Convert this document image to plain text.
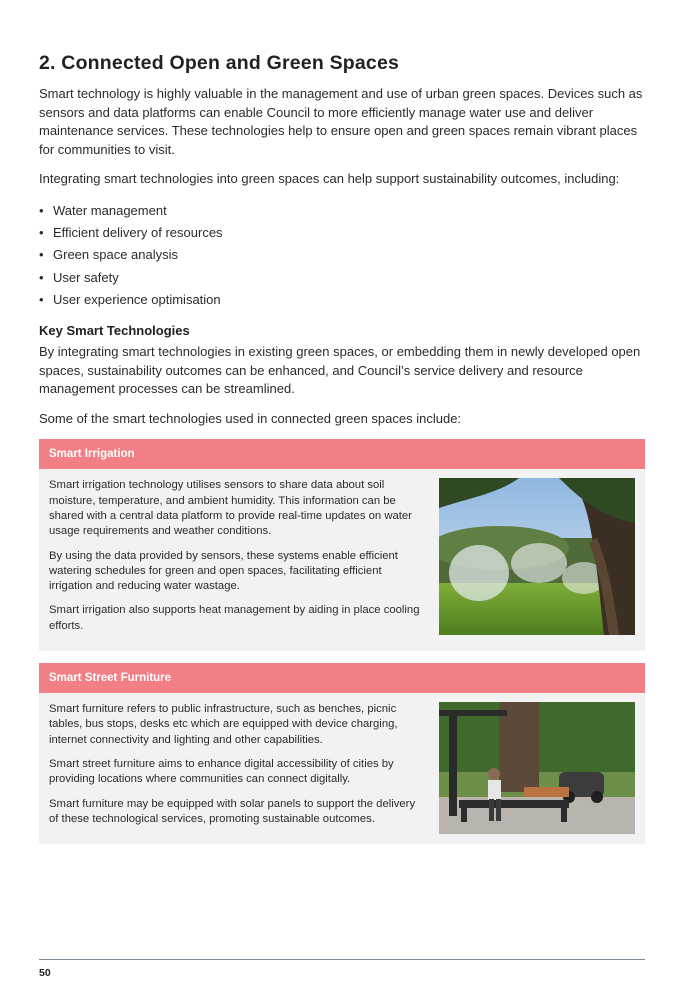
2. Connected Open and Green Spaces

Smart technology is highly valuable in the management and use of urban green spaces. Devices such as sensors and data platforms can enable Council to more efficiently manage water use and deliver maintenance services. These technologies help to ensure open and green spaces remain vibrant places for communities to visit.

Integrating smart technologies into green spaces can help support sustainability outcomes, including:

• Water management
• Efficient delivery of resources
• Green space analysis
• User safety
• User experience optimisation
Key Smart Technologies

By integrating smart technologies in existing green spaces, or embedding them in newly developed open spaces, sustainability outcomes can be enhanced, and Council’s service delivery and resource management processes can be streamlined.

Some of the smart technologies used in connected green spaces include:

Smart Irrigation

Smart irrigation technology utilises sensors to share data about soil moisture, temperature, and ambient humidity. This information can be shared with a central data platform to provide real-time updates on water usage requirements and weather conditions.

By using the data provided by sensors, these systems enable efficient watering schedules for green and open spaces, facilitating efficient irrigation and reducing water wastage.

Smart irrigation also supports heat management by aiding in place cooling efforts.

Smart Street Furniture

Smart furniture refers to public infrastructure, such as benches, picnic tables, bus stops, desks etc which are equipped with device charging, internet connectivity and lighting and other capabilities.

Smart street furniture aims to enhance digital accessibility of cities by providing locations where communities can connect digitally.

Smart furniture may be equipped with solar panels to support the delivery of these technological services, promoting sustainable outcomes.

50
